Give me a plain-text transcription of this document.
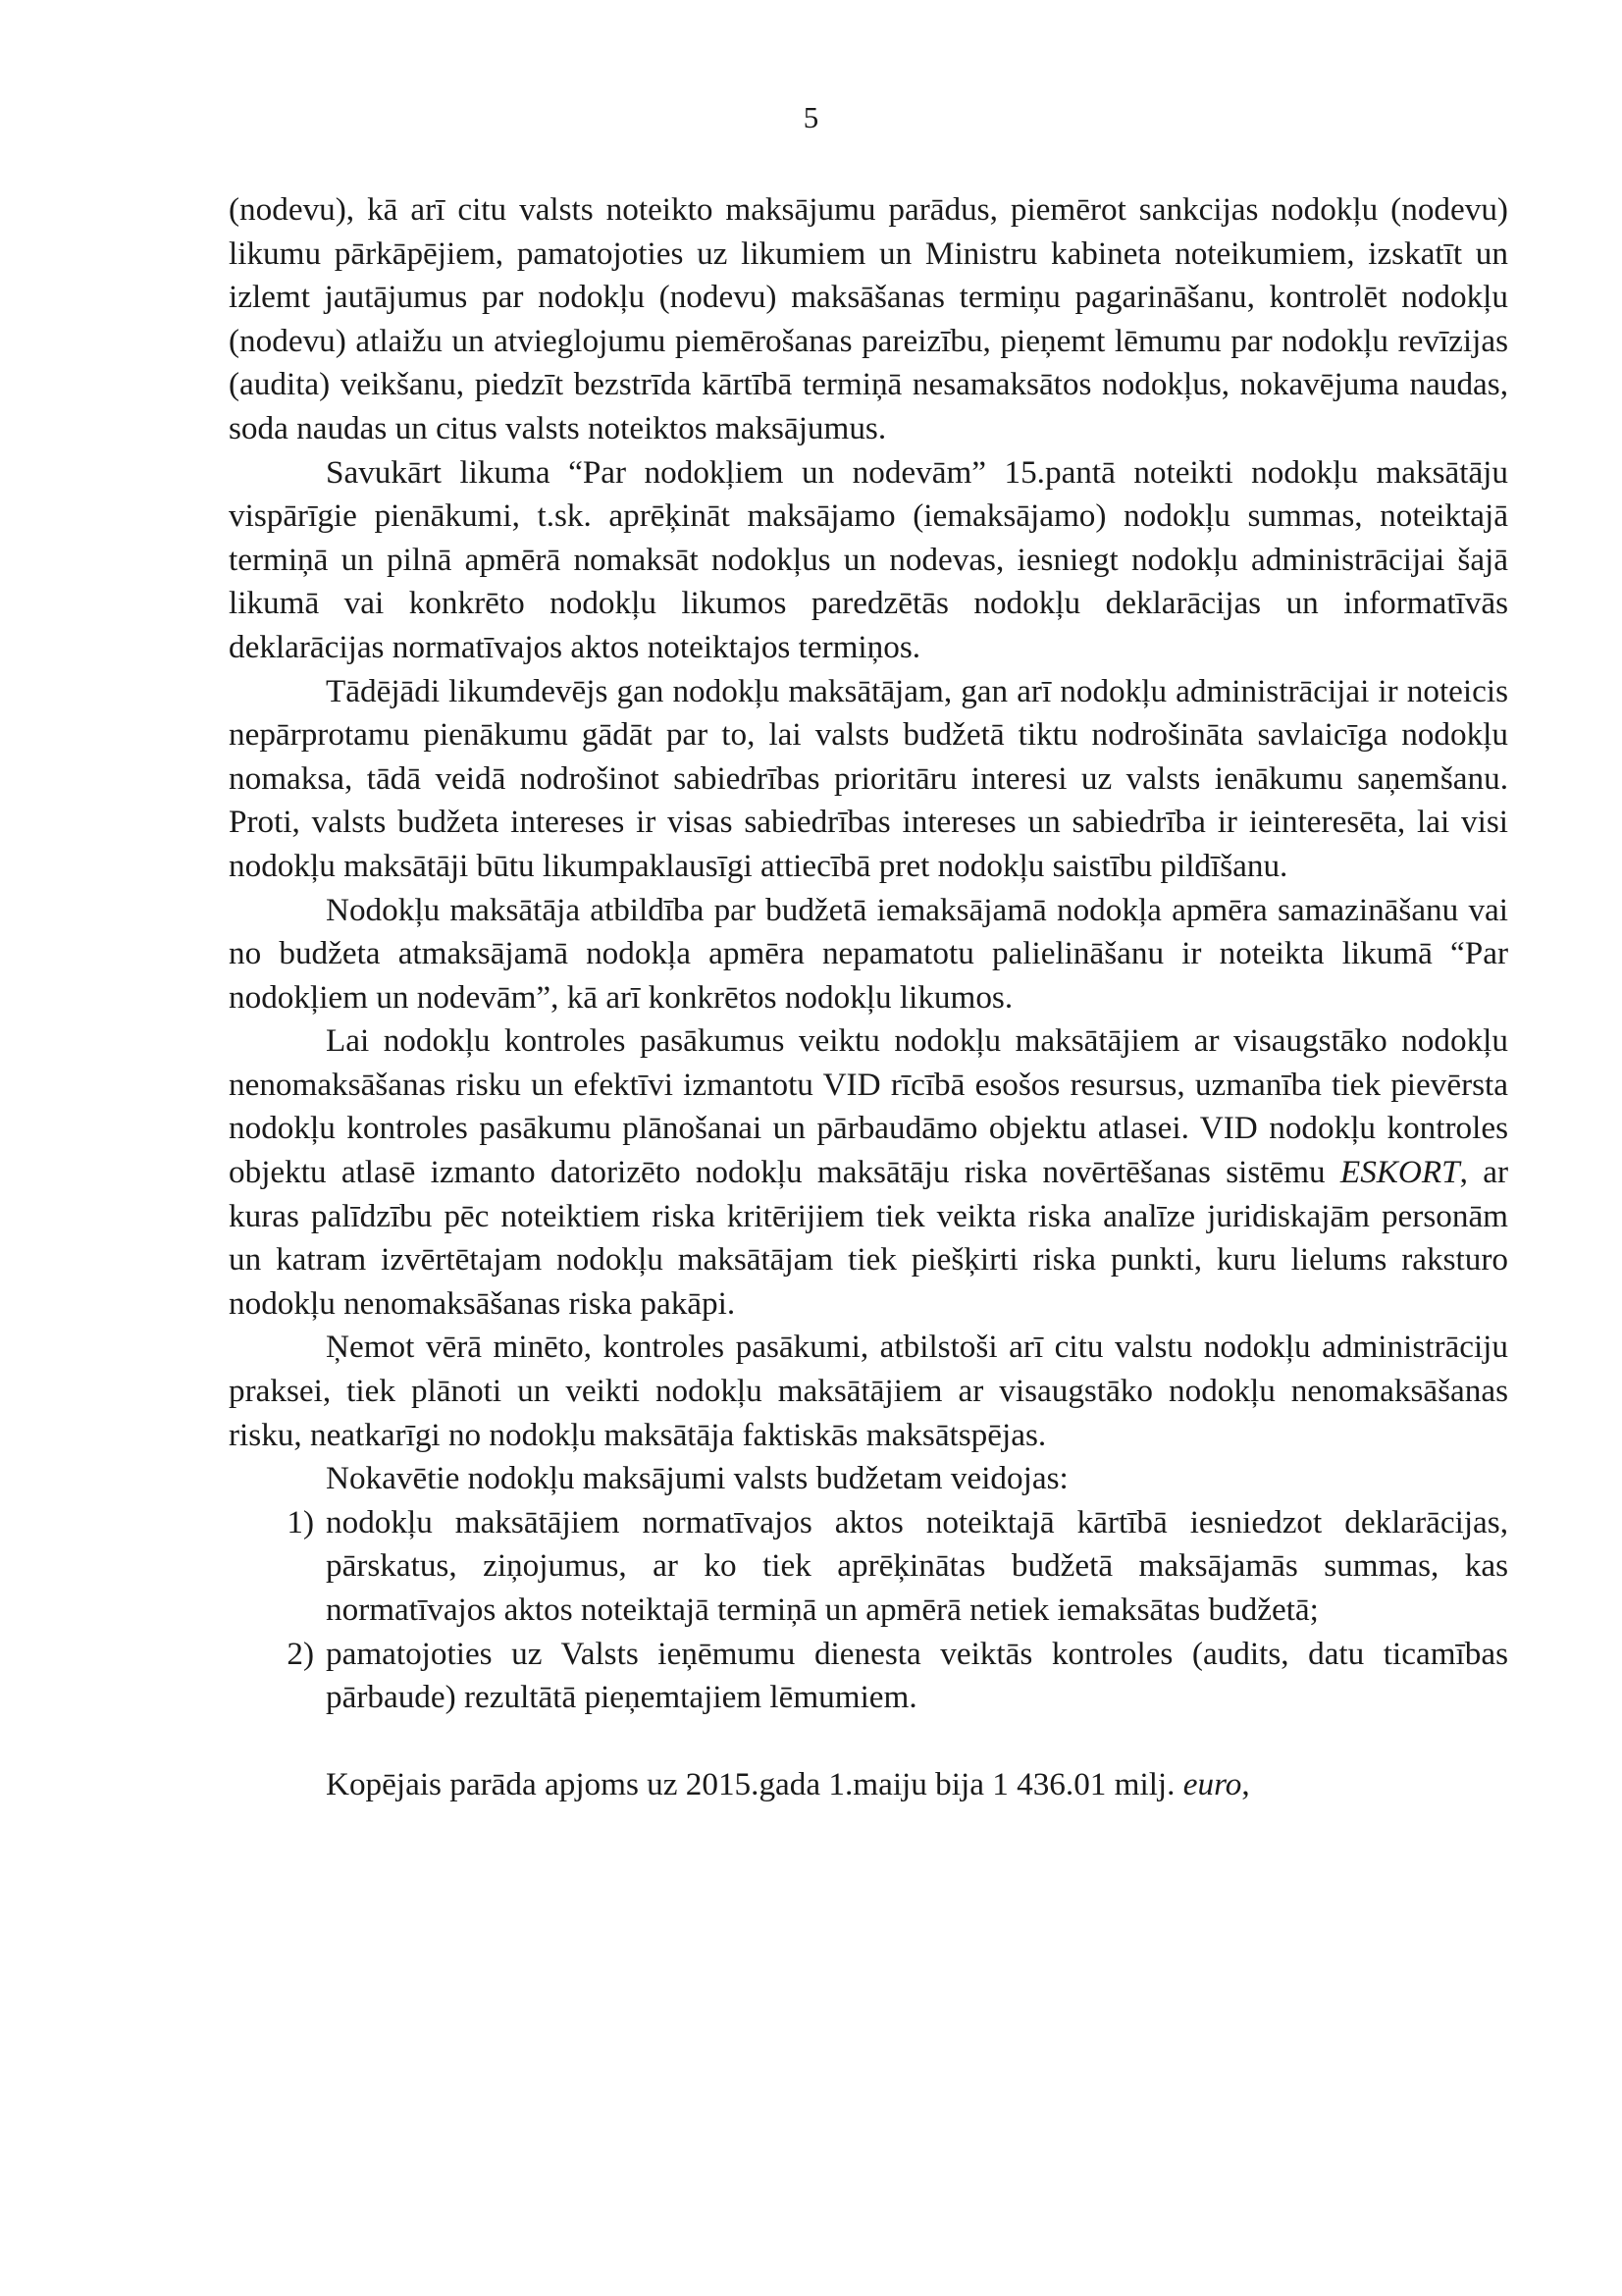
5

(nodevu), kā arī citu valsts noteikto maksājumu parādus, piemērot sankcijas nodokļu (nodevu) likumu pārkāpējiem, pamatojoties uz likumiem un Ministru kabineta noteikumiem, izskatīt un izlemt jautājumus par nodokļu (nodevu) maksāšanas termiņu pagarināšanu, kontrolēt nodokļu (nodevu) atlaižu un atvieglojumu piemērošanas pareizību, pieņemt lēmumu par nodokļu revīzijas (audita) veikšanu, piedzīt bezstrīda kārtībā termiņā nesamaksātos nodokļus, nokavējuma naudas, soda naudas un citus valsts noteiktos maksājumus.

Savukārt likuma “Par nodokļiem un nodevām” 15.pantā noteikti nodokļu maksātāju vispārīgie pienākumi, t.sk. aprēķināt maksājamo (iemaksājamo) nodokļu summas, noteiktajā termiņā un pilnā apmērā nomaksāt nodokļus un nodevas, iesniegt nodokļu administrācijai šajā likumā vai konkrēto nodokļu likumos paredzētās nodokļu deklarācijas un informatīvās deklarācijas normatīvajos aktos noteiktajos termiņos.

Tādējādi likumdevējs gan nodokļu maksātājam, gan arī nodokļu administrācijai ir noteicis nepārprotamu pienākumu gādāt par to, lai valsts budžetā tiktu nodrošināta savlaicīga nodokļu nomaksa, tādā veidā nodrošinot sabiedrības prioritāru interesi uz valsts ienākumu saņemšanu. Proti, valsts budžeta intereses ir visas sabiedrības intereses un sabiedrība ir ieinteresēta, lai visi nodokļu maksātāji būtu likumpaklausīgi attiecībā pret nodokļu saistību pildīšanu.

Nodokļu maksātāja atbildība par budžetā iemaksājamā nodokļa apmēra samazināšanu vai no budžeta atmaksājamā nodokļa apmēra nepamatotu palielināšanu ir noteikta likumā “Par nodokļiem un nodevām”, kā arī konkrētos nodokļu likumos.

Lai nodokļu kontroles pasākumus veiktu nodokļu maksātājiem ar visaugstāko nodokļu nenomaksāšanas risku un efektīvi izmantotu VID rīcībā esošos resursus, uzmanība tiek pievērsta nodokļu kontroles pasākumu plānošanai un pārbaudāmo objektu atlasei. VID nodokļu kontroles objektu atlasē izmanto datorizēto nodokļu maksātāju riska novērtēšanas sistēmu ESKORT, ar kuras palīdzību pēc noteiktiem riska kritērijiem tiek veikta riska analīze juridiskajām personām un katram izvērtētajam nodokļu maksātājam tiek piešķirti riska punkti, kuru lielums raksturo nodokļu nenomaksāšanas riska pakāpi.

Ņemot vērā minēto, kontroles pasākumi, atbilstoši arī citu valstu nodokļu administrāciju praksei, tiek plānoti un veikti nodokļu maksātājiem ar visaugstāko nodokļu nenomaksāšanas risku, neatkarīgi no nodokļu maksātāja faktiskās maksātspējas.

Nokavētie nodokļu maksājumi valsts budžetam veidojas:

1) nodokļu maksātājiem normatīvajos aktos noteiktajā kārtībā iesniedzot deklarācijas, pārskatus, ziņojumus, ar ko tiek aprēķinātas budžetā maksājamās summas, kas normatīvajos aktos noteiktajā termiņā un apmērā netiek iemaksātas budžetā;
2) pamatojoties uz Valsts ieņēmumu dienesta veiktās kontroles (audits, datu ticamības pārbaude) rezultātā pieņemtajiem lēmumiem.

Kopējais parāda apjoms uz 2015.gada 1.maiju bija 1 436.01 milj. euro,
